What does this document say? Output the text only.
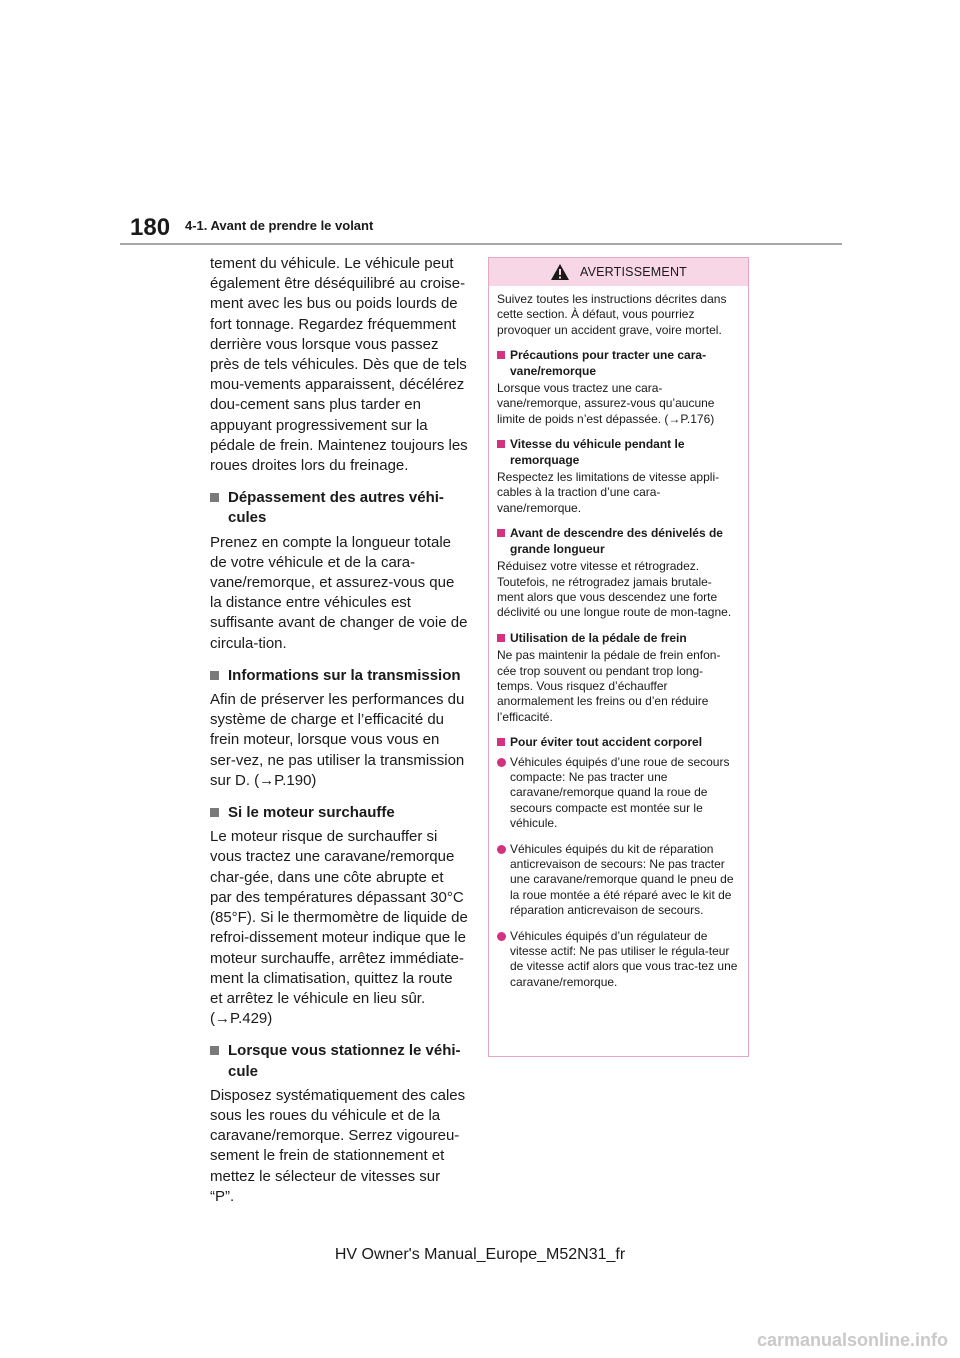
180 4-1. Avant de prendre le volant

tement du véhicule. Le véhicule peut également être déséquilibré au croise-ment avec les bus ou poids lourds de fort tonnage. Regardez fréquemment derrière vous lorsque vous passez près de tels véhicules. Dès que de tels mou-vements apparaissent, décélérez dou-cement sans plus tarder en appuyant progressivement sur la pédale de frein. Maintenez toujours les roues droites lors du freinage.

Dépassement des autres véhi-cules

Prenez en compte la longueur totale de votre véhicule et de la cara-vane/remorque, et assurez-vous que la distance entre véhicules est suffisante avant de changer de voie de circula-tion.

Informations sur la transmission

Afin de préserver les performances du système de charge et l’efficacité du frein moteur, lorsque vous vous en ser-vez, ne pas utiliser la transmission sur D. (→P.190)

Si le moteur surchauffe

Le moteur risque de surchauffer si vous tractez une caravane/remorque char-gée, dans une côte abrupte et par des températures dépassant 30°C (85°F). Si le thermomètre de liquide de refroi-dissement moteur indique que le moteur surchauffe, arrêtez immédiate-ment la climatisation, quittez la route et arrêtez le véhicule en lieu sûr. (→P.429)

Lorsque vous stationnez le véhi-cule

Disposez systématiquement des cales sous les roues du véhicule et de la caravane/remorque. Serrez vigoureu-sement le frein de stationnement et mettez le sélecteur de vitesses sur “P”.

AVERTISSEMENT

Suivez toutes les instructions décrites dans cette section. À défaut, vous pourriez provoquer un accident grave, voire mortel.

Précautions pour tracter une cara-vane/remorque

Lorsque vous tractez une cara-vane/remorque, assurez-vous qu’aucune limite de poids n’est dépassée. (→P.176)

Vitesse du véhicule pendant le remorquage

Respectez les limitations de vitesse appli-cables à la traction d’une cara-vane/remorque.

Avant de descendre des dénivelés de grande longueur

Réduisez votre vitesse et rétrogradez. Toutefois, ne rétrogradez jamais brutale-ment alors que vous descendez une forte déclivité ou une longue route de mon-tagne.

Utilisation de la pédale de frein

Ne pas maintenir la pédale de frein enfon-cée trop souvent ou pendant trop long-temps. Vous risquez d’échauffer anormalement les freins ou d’en réduire l’efficacité.

Pour éviter tout accident corporel
Véhicules équipés d’une roue de secours compacte: Ne pas tracter une caravane/remorque quand la roue de secours compacte est montée sur le véhicule.
Véhicules équipés du kit de réparation anticrevaison de secours: Ne pas tracter une caravane/remorque quand le pneu de la roue montée a été réparé avec le kit de réparation anticrevaison de secours.
Véhicules équipés d’un régulateur de vitesse actif: Ne pas utiliser le régula-teur de vitesse actif alors que vous trac-tez une caravane/remorque.
HV Owner's Manual_Europe_M52N31_fr
carmanualsonline.info
